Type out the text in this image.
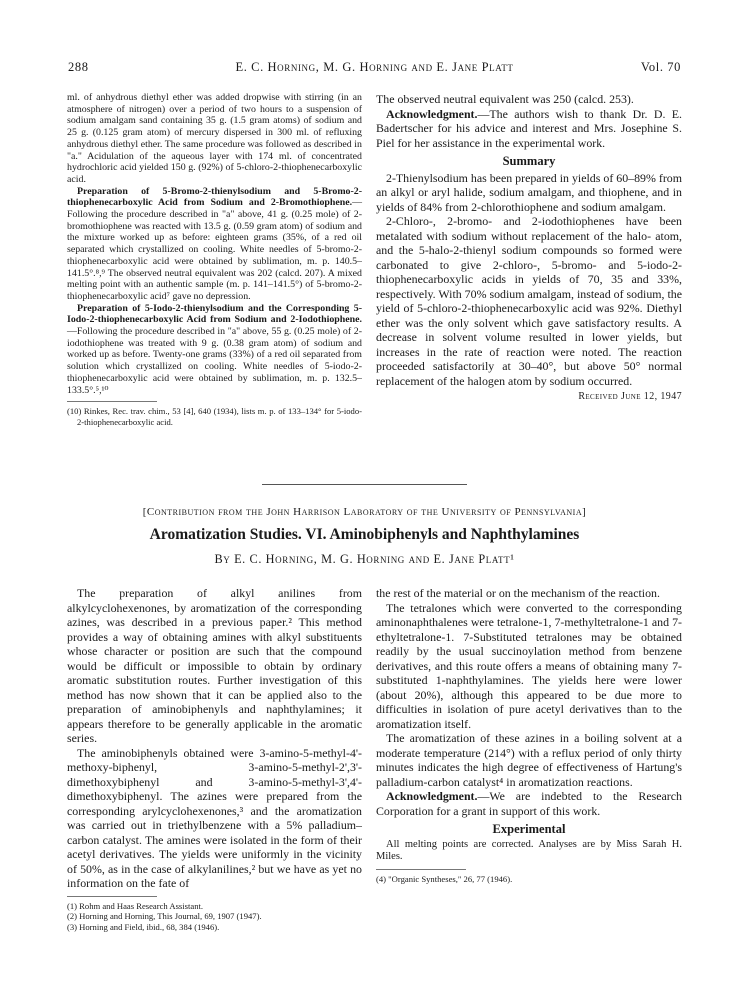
288	E. C. Horning, M. G. Horning and E. Jane Platt	Vol. 70

ml. of anhydrous diethyl ether was added dropwise with stirring (in an atmosphere of nitrogen) over a period of two hours to a suspension of sodium amalgam sand containing 35 g. (1.5 gram atoms) of sodium and 25 g. (0.125 gram atom) of mercury dispersed in 300 ml. of refluxing anhydrous diethyl ether. The same procedure was followed as described in "a." Acidulation of the aqueous layer with 174 ml. of concentrated hydrochloric acid yielded 150 g. (92%) of 5-chloro-2-thiophenecarboxylic acid.

Preparation of 5-Bromo-2-thienylsodium and 5-Bromo-2-thiophenecarboxylic Acid from Sodium and 2-Bromothiophene.—Following the procedure described in "a" above, 41 g. (0.25 mole) of 2-bromothiophene was reacted with 13.5 g. (0.59 gram atom) of sodium and the mixture worked up as before: eighteen grams (35%, of a red oil separated which crystallized on cooling. White needles of 5-bromo-2-thiophenecarboxylic acid were obtained by sublimation, m. p. 140.5–141.5°.⁸,⁹ The observed neutral equivalent was 202 (calcd. 207). A mixed melting point with an authentic sample (m. p. 141–141.5°) of 5-bromo-2-thiophenecarboxylic acid⁷ gave no depression.

Preparation of 5-Iodo-2-thienylsodium and the Corresponding 5-Iodo-2-thiophenecarboxylic Acid from Sodium and 2-Iodothiophene.—Following the procedure described in "a" above, 55 g. (0.25 mole) of 2-iodothiophene was treated with 9 g. (0.38 gram atom) of sodium and worked up as before. Twenty-one grams (33%) of a red oil separated from solution which crystallized on cooling. White needles of 5-iodo-2-thiophenecarboxylic acid were obtained by sublimation, m. p. 132.5–133.5°.⁵,¹⁰

(10) Rinkes, Rec. trav. chim., 53 [4], 640 (1934), lists m. p. of 133–134° for 5-iodo-2-thiophenecarboxylic acid.

The observed neutral equivalent was 250 (calcd. 253).

Acknowledgment.—The authors wish to thank Dr. D. E. Badertscher for his advice and interest and Mrs. Josephine S. Piel for her assistance in the experimental work.

Summary

2-Thienylsodium has been prepared in yields of 60–89% from an alkyl or aryl halide, sodium amalgam, and thiophene, and in yields of 84% from 2-chlorothiophene and sodium amalgam.

2-Chloro-, 2-bromo- and 2-iodothiophenes have been metalated with sodium without replacement of the halo- atom, and the 5-halo-2-thienyl sodium compounds so formed were carbonated to give 2-chloro-, 5-bromo- and 5-iodo-2-thiophenecarboxylic acids in yields of 70, 35 and 33%, respectively. With 70% sodium amalgam, instead of sodium, the yield of 5-chloro-2-thiophenecarboxylic acid was 92%. Diethyl ether was the only solvent which gave satisfactory results. A decrease in solvent volume resulted in lower yields, but increases in the rate of reaction were noted. The reaction proceeded satisfactorily at 30–40°, but above 50° normal replacement of the halogen atom by sodium occurred.

Received June 12, 1947
[Contribution from the John Harrison Laboratory of the University of Pennsylvania]
Aromatization Studies. VI. Aminobiphenyls and Naphthylamines
By E. C. Horning, M. G. Horning and E. Jane Platt¹

The preparation of alkyl anilines from alkylcyclohexenones, by aromatization of the corresponding azines, was described in a previous paper.² This method provides a way of obtaining amines with alkyl substituents whose character or position are such that the compound would be difficult or impossible to obtain by ordinary aromatic substitution routes. Further investigation of this method has now shown that it can be applied also to the preparation of aminobiphenyls and naphthylamines; it appears therefore to be generally applicable in the aromatic series.

The aminobiphenyls obtained were 3-amino-5-methyl-4'-methoxy-biphenyl, 3-amino-5-methyl-2',3'-dimethoxybiphenyl and 3-amino-5-methyl-3',4'-dimethoxybiphenyl. The azines were prepared from the corresponding arylcyclohexenones,³ and the aromatization was carried out in triethylbenzene with a 5% palladium–carbon catalyst. The amines were isolated in the form of their acetyl derivatives. The yields were uniformly in the vicinity of 50%, as in the case of alkylanilines,² but we have as yet no information on the fate of

(1) Rohm and Haas Research Assistant.

(2) Horning and Horning, This Journal, 69, 1907 (1947).

(3) Horning and Field, ibid., 68, 384 (1946).

the rest of the material or on the mechanism of the reaction.

The tetralones which were converted to the corresponding aminonaphthalenes were tetralone-1, 7-methyltetralone-1 and 7-ethyltetralone-1. 7-Substituted tetralones may be obtained readily by the usual succinoylation method from benzene derivatives, and this route offers a means of obtaining many 7-substituted 1-naphthylamines. The yields here were lower (about 20%), although this appeared to be due more to difficulties in isolation of pure acetyl derivatives than to the aromatization itself.

The aromatization of these azines in a boiling solvent at a moderate temperature (214°) with a reflux period of only thirty minutes indicates the high degree of effectiveness of Hartung's palladium-carbon catalyst⁴ in aromatization reactions.

Acknowledgment.—We are indebted to the Research Corporation for a grant in support of this work.

Experimental

All melting points are corrected. Analyses are by Miss Sarah H. Miles.

(4) "Organic Syntheses," 26, 77 (1946).
